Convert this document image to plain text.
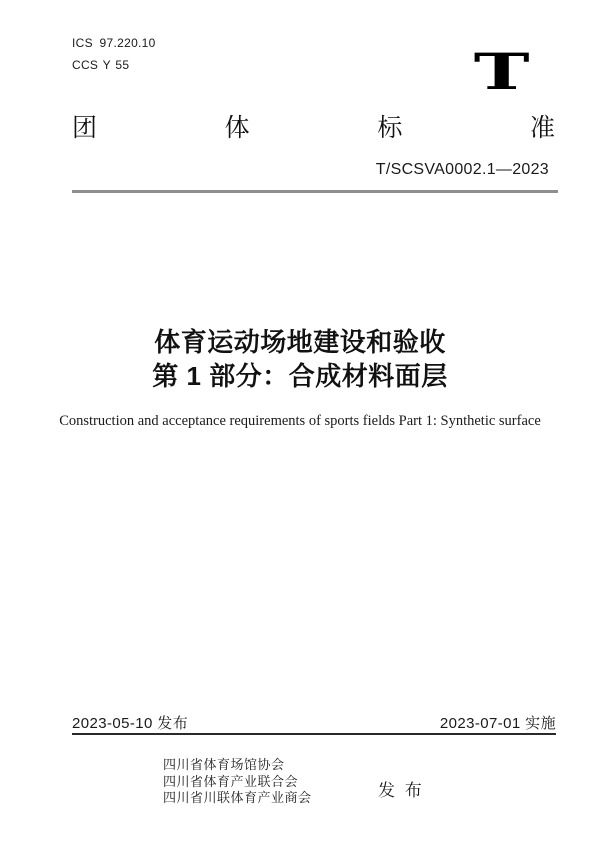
ICS 97.220.10
CCS Y 55	T
团	体	标	准
T/SCSVA0002.1—2023
体育运动场地建设和验收
第 1 部分：合成材料面层
Construction and acceptance requirements of sports fields Part 1: Synthetic surface
2023-05-10 发布	2023-07-01 实施
四川省体育场馆协会
四川省体育产业联合会
四川省川联体育产业商会	发 布
